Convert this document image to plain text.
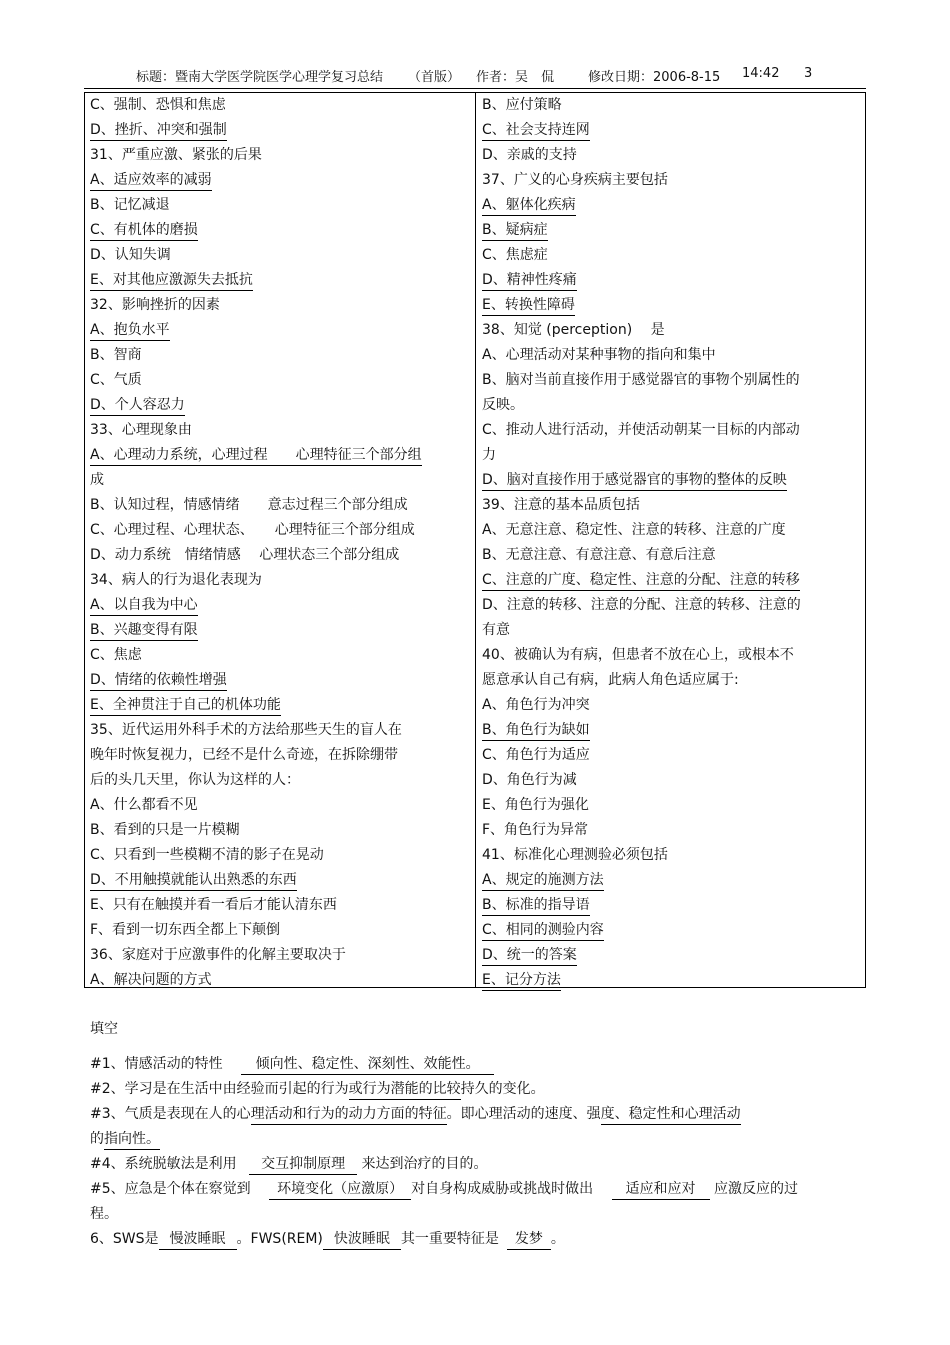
标题：暨南大学医学院医学心理学复习总结 （首版） 作者：吴　侃	修改日期：2006-8-15 14:42 3
C、强制、恐惧和焦虑
D、挫折、冲突和强制
31、严重应激、紧张的后果
A、适应效率的减弱
B、记忆减退
C、有机体的磨损
D、认知失调
E、对其他应激源失去抵抗
32、影响挫折的因素
A、抱负水平
B、智商
C、气质
D、个人容忍力
33、心理现象由
A、心理动力系统，心理过程　　心理特征三个部分组
成
B、认知过程，情感情绪　　意志过程三个部分组成
C、心理过程、心理状态、　　心理特征三个部分组成
D、动力系统　情绪情感　 心理状态三个部分组成
34、病人的行为退化表现为
A、以自我为中心
B、兴趣变得有限
C、焦虑
D、情绪的依赖性增强
E、全神贯注于自己的机体功能
35、近代运用外科手术的方法给那些天生的盲人在
晚年时恢复视力，已经不是什么奇迹，在拆除绷带
后的头几天里，你认为这样的人：
A、什么都看不见
B、看到的只是一片模糊
C、只看到一些模糊不清的影子在晃动
D、不用触摸就能认出熟悉的东西
E、只有在触摸并看一看后才能认清东西
F、看到一切东西全都上下颠倒
36、家庭对于应激事件的化解主要取决于
A、解决问题的方式
B、应付策略
C、社会支持连网
D、亲戚的支持
37、广义的心身疾病主要包括
A、躯体化疾病
B、疑病症
C、焦虑症
D、精神性疼痛
E、转换性障碍
38、知觉 (perception)　 是
A、心理活动对某种事物的指向和集中
B、脑对当前直接作用于感觉器官的事物个别属性的
反映。
C、推动人进行活动，并使活动朝某一目标的内部动
力
D、脑对直接作用于感觉器官的事物的整体的反映
39、注意的基本品质包括
A、无意注意、稳定性、注意的转移、注意的广度
B、无意注意、有意注意、有意后注意
C、注意的广度、稳定性、注意的分配、注意的转移
D、注意的转移、注意的分配、注意的转移、注意的
有意
40、被确认为有病，但患者不放在心上，或根本不
愿意承认自己有病，此病人角色适应属于:
A、角色行为冲突
B、角色行为缺如
C、角色行为适应
D、角色行为减
E、角色行为强化
F、角色行为异常
41、标准化心理测验必须包括
A、规定的施测方法
B、标准的指导语
C、相同的测验内容
D、统一的答案
E、记分方法
填空
#1、情感活动的特性 倾向性、稳定性、深刻性、效能性。
#2、学习是在生活中由经验而引起的行为或行为潜能的比较持久的变化。
#3、气质是表现在人的心理活动和行为的动力方面的特征。即心理活动的速度、强度、稳定性和心理活动
的指向性。
#4、系统脱敏法是利用 交互抑制原理 来达到治疗的目的。
#5、应急是个体在察觉到 环境变化（应激原） 对自身构成威胁或挑战时做出 适应和应对 应激反应的过
程。
6、SWS是 慢波睡眠 。FWS(REM) 快波睡眠 其一重要特征是 发梦 。
